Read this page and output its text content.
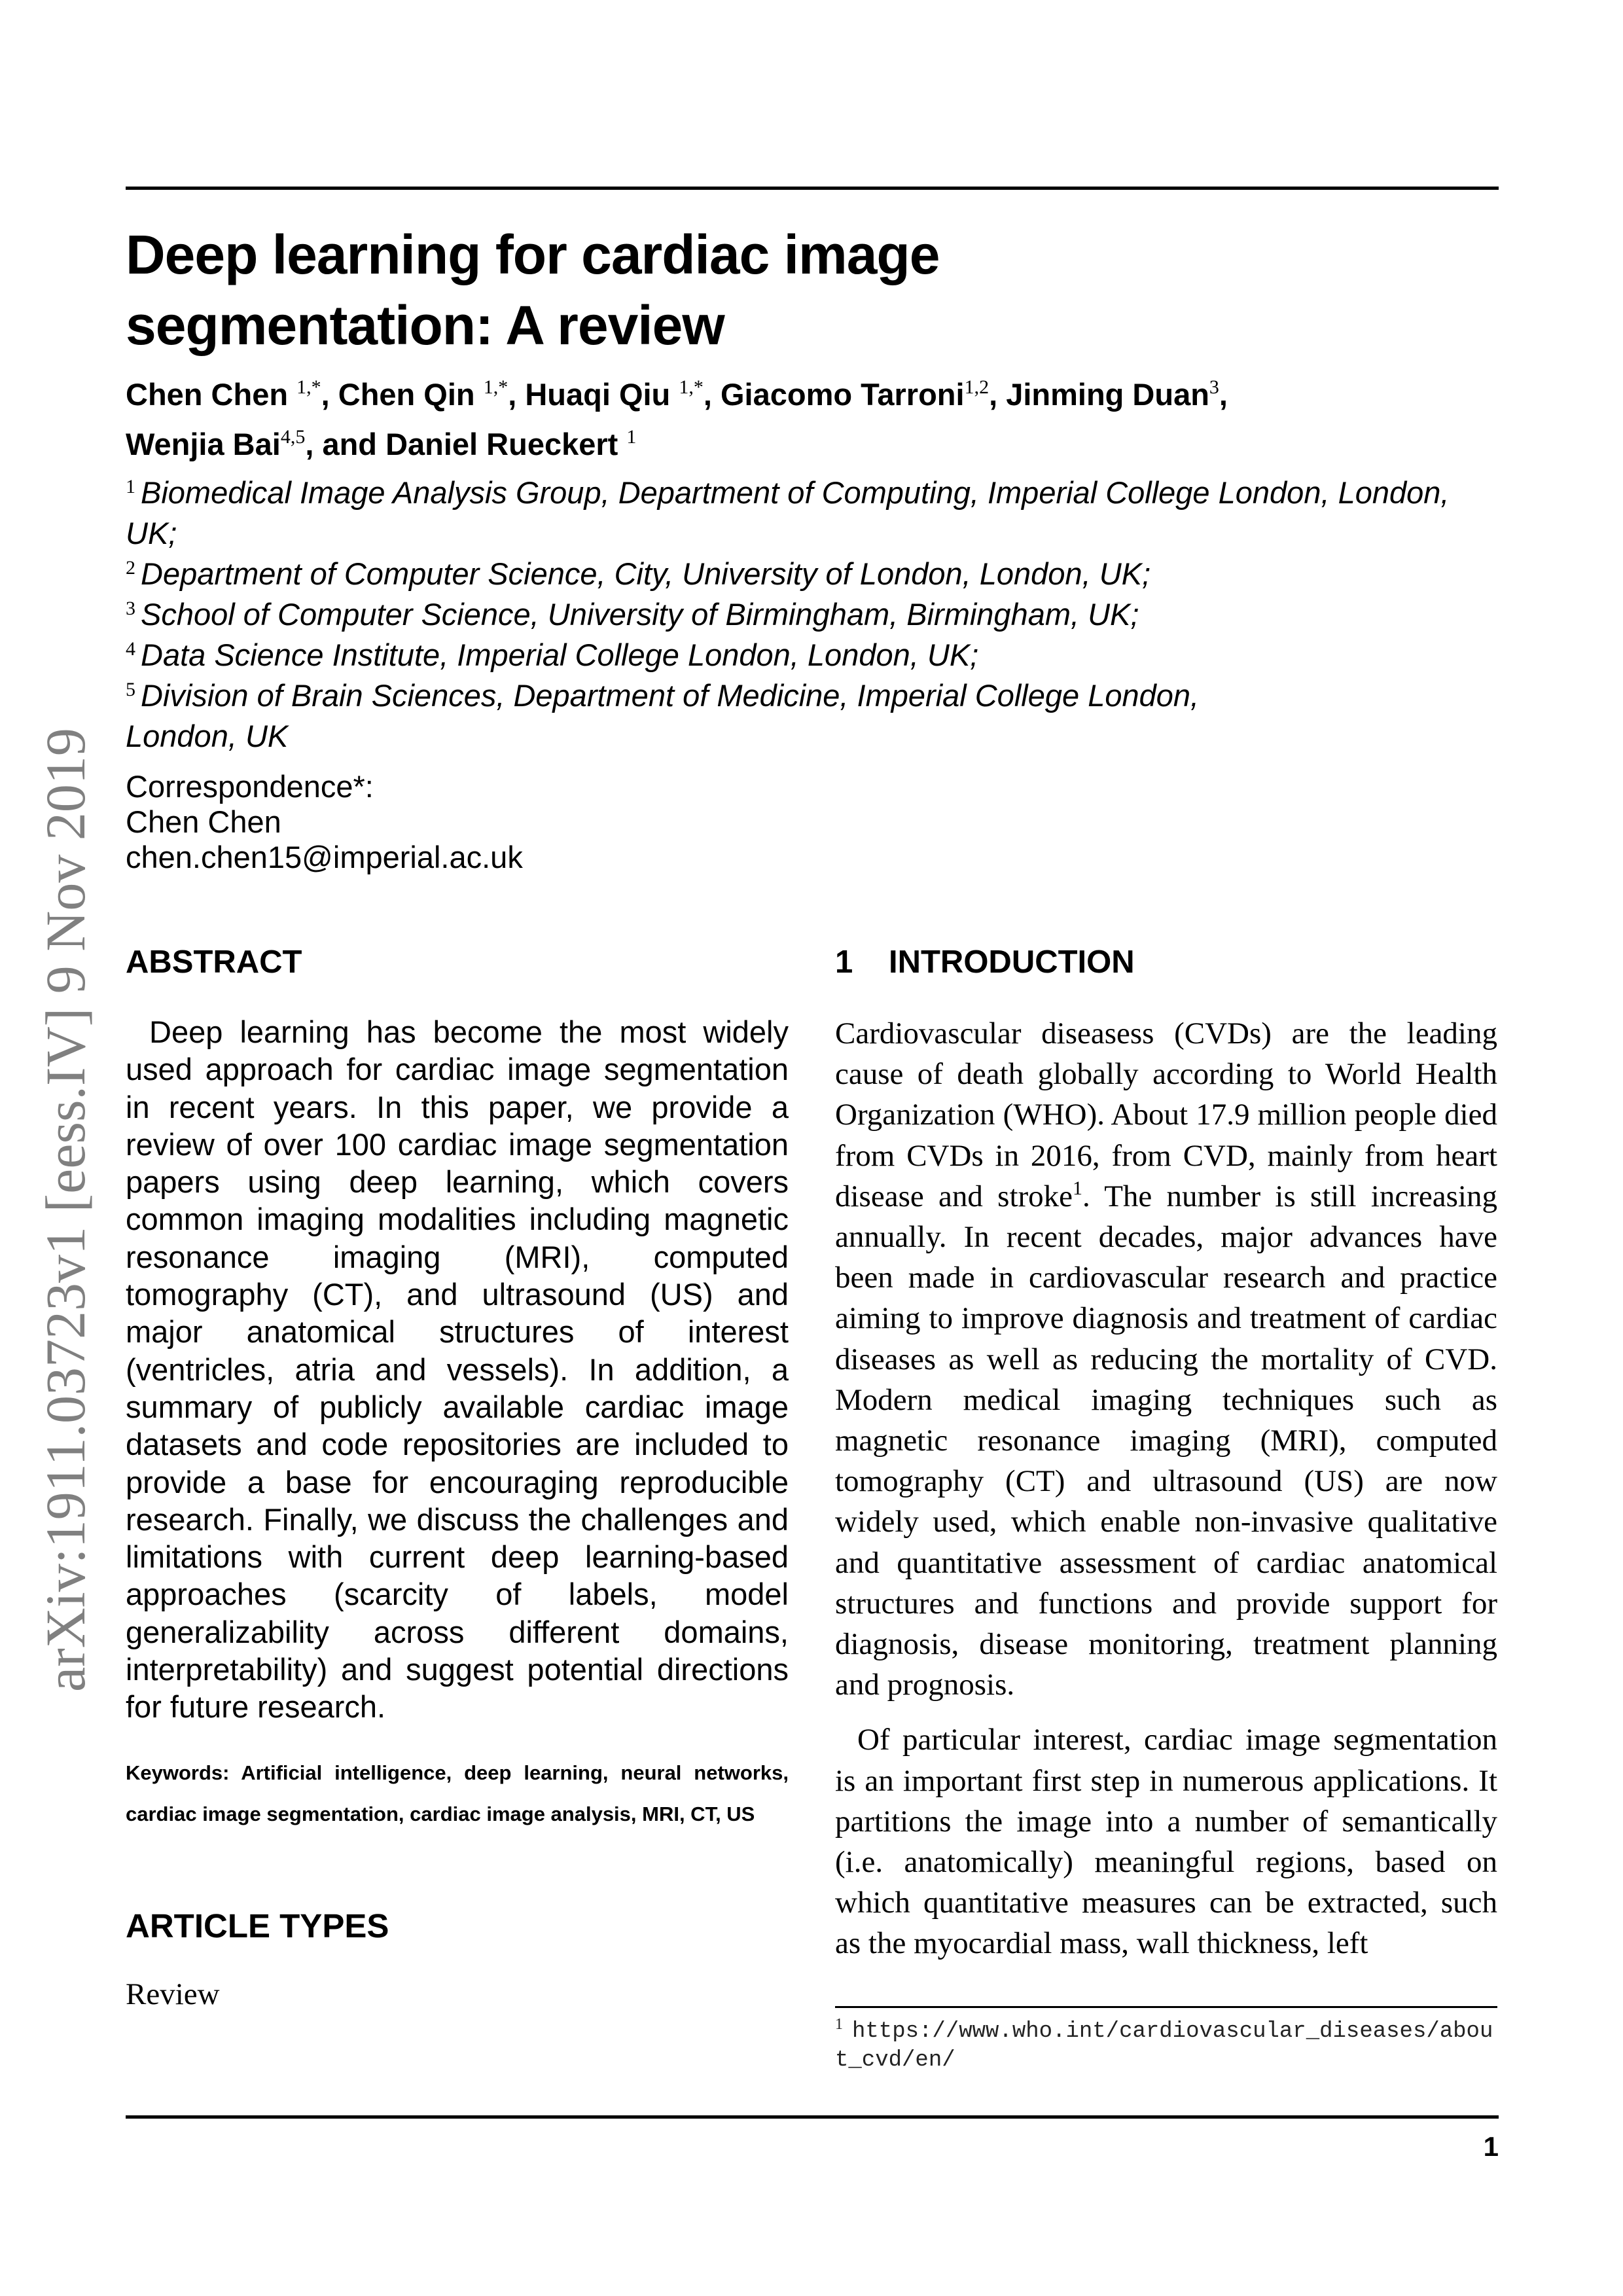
arXiv:1911.03723v1 [eess.IV] 9 Nov 2019
Deep learning for cardiac image
segmentation: A review
Chen Chen $^{1,*}$, Chen Qin $^{1,*}$, Huaqi Qiu $^{1,*}$, Giacomo Tarroni$^{1,2}$, Jinming Duan$^3$,
Wenjia Bai$^{4,5}$, and Daniel Rueckert $^1$
$^1$ Biomedical Image Analysis Group, Department of Computing, Imperial College London, London, UK;
$^2$ Department of Computer Science, City, University of London, London, UK;
$^3$ School of Computer Science, University of Birmingham, Birmingham, UK;
$^4$ Data Science Institute, Imperial College London, London, UK;
$^5$ Division of Brain Sciences, Department of Medicine, Imperial College London, London, UK
Correspondence*:
Chen Chen
chen.chen15@imperial.ac.uk
ABSTRACT

Deep learning has become the most widely used approach for cardiac image segmentation in recent years. In this paper, we provide a review of over 100 cardiac image segmentation papers using deep learning, which covers common imaging modalities including magnetic resonance imaging (MRI), computed tomography (CT), and ultrasound (US) and major anatomical structures of interest (ventricles, atria and vessels). In addition, a summary of publicly available cardiac image datasets and code repositories are included to provide a base for encouraging reproducible research. Finally, we discuss the challenges and limitations with current deep learning-based approaches (scarcity of labels, model generalizability across different domains, interpretability) and suggest potential directions for future research.

Keywords: Artificial intelligence, deep learning, neural networks, cardiac image segmentation, cardiac image analysis, MRI, CT, US

ARTICLE TYPES

Review

1 INTRODUCTION

Cardiovascular diseasess (CVDs) are the leading cause of death globally according to World Health Organization (WHO). About 17.9 million people died from CVDs in 2016, from CVD, mainly from heart disease and stroke$^1$. The number is still increasing annually. In recent decades, major advances have been made in cardiovascular research and practice aiming to improve diagnosis and treatment of cardiac diseases as well as reducing the mortality of CVD. Modern medical imaging techniques such as magnetic resonance imaging (MRI), computed tomography (CT) and ultrasound (US) are now widely used, which enable non-invasive qualitative and quantitative assessment of cardiac anatomical structures and functions and provide support for diagnosis, disease monitoring, treatment planning and prognosis.

Of particular interest, cardiac image segmentation is an important first step in numerous applications. It partitions the image into a number of semantically (i.e. anatomically) meaningful regions, based on which quantitative measures can be extracted, such as the myocardial mass, wall thickness, left

$^1$ https://www.who.int/cardiovascular_diseases/about_cvd/en/
1
